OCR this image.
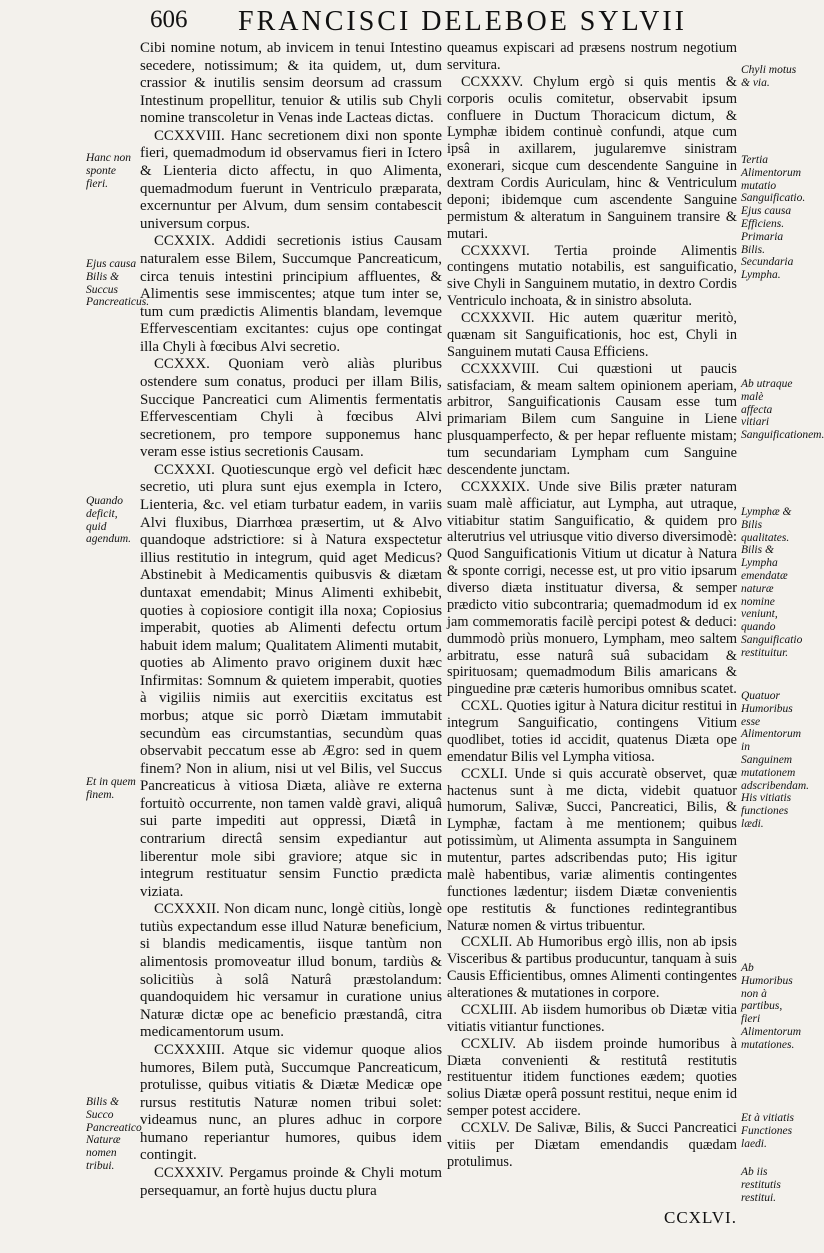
606 FRANCISCI DELEBOE SYLVII

Cibi nomine notum, ab invicem in tenui Intestino secedere, notissimum; & ita quidem, ut, dum crassior & inutilis sensim deorsum ad crassum Intestinum propellitur, tenuior & utilis sub Chyli nomine transcoletur in Venas inde Lacteas dictas.

CCXXVIII. Hanc secretionem dixi non sponte fieri, quemadmodum id observamus fieri in Ictero & Lienteria dicto affectu, in quo Alimenta, quemadmodum fuerunt in Ventriculo præparata, excernuntur per Alvum, dum sensim contabescit universum corpus.

CCXXIX. Addidi secretionis istius Causam naturalem esse Bilem, Succumque Pancreaticum, circa tenuis intestini principium affluentes, & Alimentis sese immiscentes; atque tum inter se, tum cum prædictis Alimentis blandam, levemque Effervescentiam excitantes: cujus ope contingat illa Chyli à fœcibus Alvi secretio.

CCXXX. Quoniam verò aliàs pluribus ostendere sum conatus, produci per illam Bilis, Succique Pancreatici cum Alimentis fermentatis Effervescentiam Chyli à fœcibus Alvi secretionem, pro tempore supponemus hanc veram esse istius secretionis Causam.

CCXXXI. Quotiescunque ergò vel deficit hæc secretio, uti plura sunt ejus exempla in Ictero, Lienteria, &c. vel etiam turbatur eadem, in variis Alvi fluxibus, Diarrhœa præsertim, ut & Alvo quandoque adstrictiore: si à Natura exspectetur illius restitutio in integrum, quid aget Medicus? Abstinebit à Medicamentis quibusvis & diætam duntaxat emendabit; Minus Alimenti exhibebit, quoties à copiosiore contigit illa noxa; Copiosius imperabit, quoties ab Alimenti defectu ortum habuit idem malum; Qualitatem Alimenti mutabit, quoties ab Alimento pravo originem duxit hæc Infirmitas: Somnum & quietem imperabit, quoties à vigiliis nimiis aut exercitiis excitatus est morbus; atque sic porrò Diætam immutabit secundùm eas circumstantias, secundùm quas observabit peccatum esse ab Ægro: sed in quem finem? Non in alium, nisi ut vel Bilis, vel Succus Pancreaticus à vitiosa Diæta, aliàve re externa fortuitò occurrente, non tamen valdè gravi, aliquâ sui parte impediti aut oppressi, Diætâ in contrarium directâ sensim expediantur aut liberentur mole sibi graviore; atque sic in integrum restituatur sensim Functio prædicta viziata.

CCXXXII. Non dicam nunc, longè citiùs, longè tutiùs expectandum esse illud Naturæ beneficium, si blandis medicamentis, iisque tantùm non alimentosis promoveatur illud bonum, tardiùs & solicitiùs à solâ Naturâ præstolandum: quandoquidem hic versamur in curatione unius Naturæ dictæ ope ac beneficio præstandâ, citra medicamentorum usum.

CCXXXIII. Atque sic videmur quoque alios humores, Bilem putà, Succumque Pancreaticum, protulisse, quibus vitiatis & Diætæ Medicæ ope rursus restitutis Naturæ nomen tribui solet: videamus nunc, an plures adhuc in corpore humano reperiantur humores, quibus idem contingit.

CCXXXIV. Pergamus proinde & Chyli motum persequamur, an fortè hujus ductu plura

queamus expiscari ad præsens nostrum negotium servitura.

CCXXXV. Chylum ergò si quis mentis & corporis oculis comitetur, observabit ipsum confluere in Ductum Thoracicum dictum, & Lymphæ ibidem continuè confundi, atque cum ipsâ in axillarem, jugularemve sinistram exonerari, sicque cum descendente Sanguine in dextram Cordis Auriculam, hinc & Ventriculum deponi; ibidemque cum ascendente Sanguine permistum & alteratum in Sanguinem transire & mutari.

CCXXXVI. Tertia proinde Alimentis contingens mutatio notabilis, est sanguificatio, sive Chyli in Sanguinem mutatio, in dextro Cordis Ventriculo inchoata, & in sinistro absoluta.

CCXXXVII. Hic autem quæritur meritò, quænam sit Sanguificationis, hoc est, Chyli in Sanguinem mutati Causa Efficiens.

CCXXXVIII. Cui quæstioni ut paucis satisfaciam, & meam saltem opinionem aperiam, arbitror, Sanguificationis Causam esse tum primariam Bilem cum Sanguine in Liene plusquamperfecto, & per hepar refluente mistam; tum secundariam Lympham cum Sanguine descendente junctam.

CCXXXIX. Unde sive Bilis præter naturam suam malè afficiatur, aut Lympha, aut utraque, vitiabitur statim Sanguificatio, & quidem pro alterutrius vel utriusque vitio diverso diversimodè: Quod Sanguificationis Vitium ut dicatur à Natura & sponte corrigi, necesse est, ut pro vitio ipsarum diverso diæta instituatur diversa, & semper prædicto vitio subcontraria; quemadmodum id ex jam commemoratis facilè percipi potest & deduci: dummodò priùs monuero, Lympham, meo saltem arbitratu, esse naturâ suâ subacidam & spirituosam; quemadmodum Bilis amaricans & pinguedine præ cæteris humoribus omnibus scatet.

CCXL. Quoties igitur à Natura dicitur restitui in integrum Sanguificatio, contingens Vitium quodlibet, toties id accidit, quatenus Diæta ope emendatur Bilis vel Lympha vitiosa.

CCXLI. Unde si quis accuratè observet, quæ hactenus sunt à me dicta, videbit quatuor humorum, Salivæ, Succi, Pancreatici, Bilis, & Lymphæ, factam à me mentionem; quibus potissimùm, ut Alimenta assumpta in Sanguinem mutentur, partes adscribendas puto; His igitur malè habentibus, variæ alimentis contingentes functiones lædentur; iisdem Diætæ convenientis ope restitutis & functiones redintegrantibus Naturæ nomen & virtus tribuentur.

CCXLII. Ab Humoribus ergò illis, non ab ipsis Visceribus & partibus producuntur, tanquam à suis Causis Efficientibus, omnes Alimenti contingentes alterationes & mutationes in corpore.

CCXLIII. Ab iisdem humoribus ob Diætæ vitia vitiatis vitiantur functiones.

CCXLIV. Ab iisdem proinde humoribus à Diæta convenienti & restitutâ restitutis restituentur itidem functiones eædem; quoties solius Diætæ operâ possunt restitui, neque enim id semper potest accidere.

CCXLV. De Salivæ, Bilis, & Succi Pancreatici vitiis per Diætam emendandis quædam protulimus.

Hanc non sponte fieri.
Ejus causa Bilis & Succus Pancreaticus.
Quando deficit, quid agendum.
Et in quem finem.
Bilis & Succo Pancreatico Naturæ nomen tribui.
Chyli motus & via.
Tertia Alimentorum mutatio Sanguificatio. Ejus causa Efficiens. Primaria Bilis. Secundaria Lympha.
Ab utraque malè affecta vitiari Sanguificationem.
Lymphæ & Bilis qualitates. Bilis & Lympha emendatæ naturæ nomine veniunt, quando Sanguificatio restituitur.
Quatuor Humoribus esse Alimentorum in Sanguinem mutationem adscribendam. His vitiatis functiones lædi.
Ab Humoribus non à partibus, fieri Alimentorum mutationes.
Et à vitiatis Functiones laedi.
Ab iis restitutis restitui.
CCXLVI.
